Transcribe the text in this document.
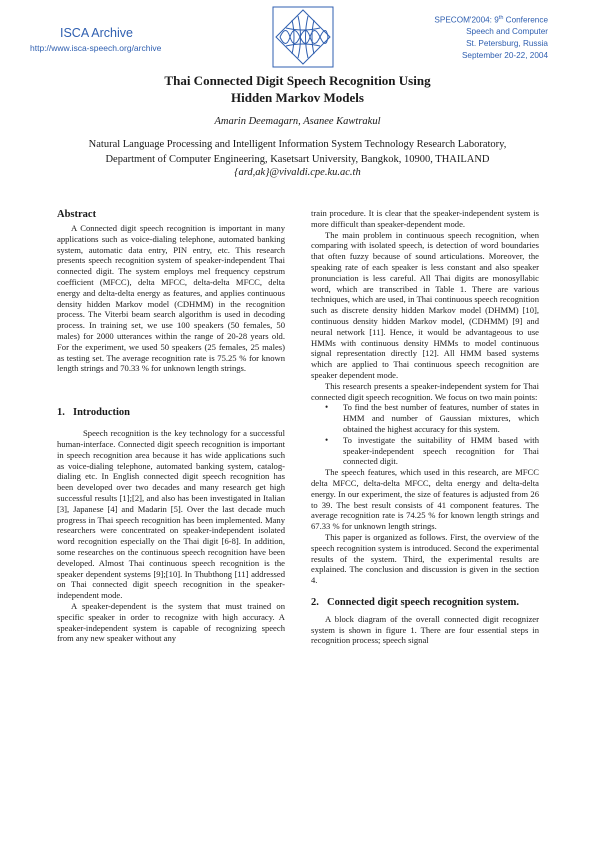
ISCA Archive
http://www.isca-speech.org/archive
SPECOM'2004: 9th Conference
Speech and Computer
St. Petersburg, Russia
September 20-22, 2004
Thai Connected Digit Speech Recognition Using
Hidden Markov Models
Amarin Deemagarn, Asanee Kawtrakul
Natural Language Processing and Intelligent Information System Technology Research Laboratory,
Department of Computer Engineering, Kasetsart University, Bangkok, 10900, THAILAND
{ard,ak}@vivaldi.cpe.ku.ac.th
Abstract

A Connected digit speech recognition is important in many applications such as voice-dialing telephone, automated banking system, automatic data entry, PIN entry, etc. This research presents speech recognition system of speaker-independent Thai connected digit. The system employs mel frequency cepstrum coefficient (MFCC), delta MFCC, delta-delta MFCC, delta energy and delta-delta energy as features, and applies continuous density hidden Markov model (CDHMM) in the recognition process. The Viterbi beam search algorithm is used in decoding process. In training set, we use 100 speakers (50 females, 50 males) for 2000 utterances within the range of 20-28 years old. For the experiment, we used 50 speakers (25 females, 25 males) as testing set. The average recognition rate is 75.25 % for known length strings and 70.33 % for unknown length strings.

1. Introduction

Speech recognition is the key technology for a successful human-interface. Connected digit speech recognition is important in speech recognition area because it has wide applications such as voice-dialing telephone, automated banking system, catalog-dialing etc. In English connected digit speech recognition has been developed over two decades and many research get high successful results [1];[2], and also has been investigated in Italian [3], Japanese [4] and Madarin [5]. Over the last decade much progress in Thai speech recognition has been implemented. Many researchers were concentrated on speaker-independent isolated word recognition especially on the Thai digit [6-8]. In addition, some researches on the continuous speech recognition have been developed. Almost Thai continuous speech recognition is the speaker dependent systems [9];[10]. In Thubthong [11] addressed on Thai connected digit speech recognition in the speaker-independent mode.

A speaker-dependent is the system that must trained on specific speaker in order to recognize with high accuracy. A speaker-independent system is capable of recognizing speech from any new speaker without any

train procedure. It is clear that the speaker-independent system is more difficult than speaker-dependent mode.

The main problem in continuous speech recognition, when comparing with isolated speech, is detection of word boundaries that often fuzzy because of sound articulations. Moreover, the speaking rate of each speaker is less constant and also speaker pronunciation is less careful. All Thai digits are monosyllabic word, which are transcribed in Table 1. There are various techniques, which are used, in Thai continuous speech recognition such as discrete density hidden Markov model (DHMM) [10], continuous density hidden Markov model, (CDHMM) [9] and neural network [11]. Hence, it would be advantageous to use HMMs with continuous density HMMs to model continuous signal representation directly [12]. All HMM based systems which are applied to Thai continuous speech recognition are speaker dependent mode.

This research presents a speaker-independent system for Thai connected digit speech recognition. We focus on two main points:

• To find the best number of features, number of states in HMM and number of Gaussian mixtures, which obtained the highest accuracy for this system.
• To investigate the suitability of HMM based with speaker-independent speech recognition for Thai connected digit.

The speech features, which used in this research, are MFCC delta MFCC, delta-delta MFCC, delta energy and delta-delta energy. In our experiment, the size of features is adjusted from 26 to 39. The best result consists of 41 component features. The average recognition rate is 74.25 % for known length strings and 67.33 % for unknown length strings.

This paper is organized as follows. First, the overview of the speech recognition system is introduced. Second the experimental results of the system. Third, the experimental results are explained. The conclusion and discussion is given in the section 4.

2. Connected digit speech recognition system.

A block diagram of the overall connected digit recognizer system is shown in figure 1. There are four essential steps in recognition process; speech signal
